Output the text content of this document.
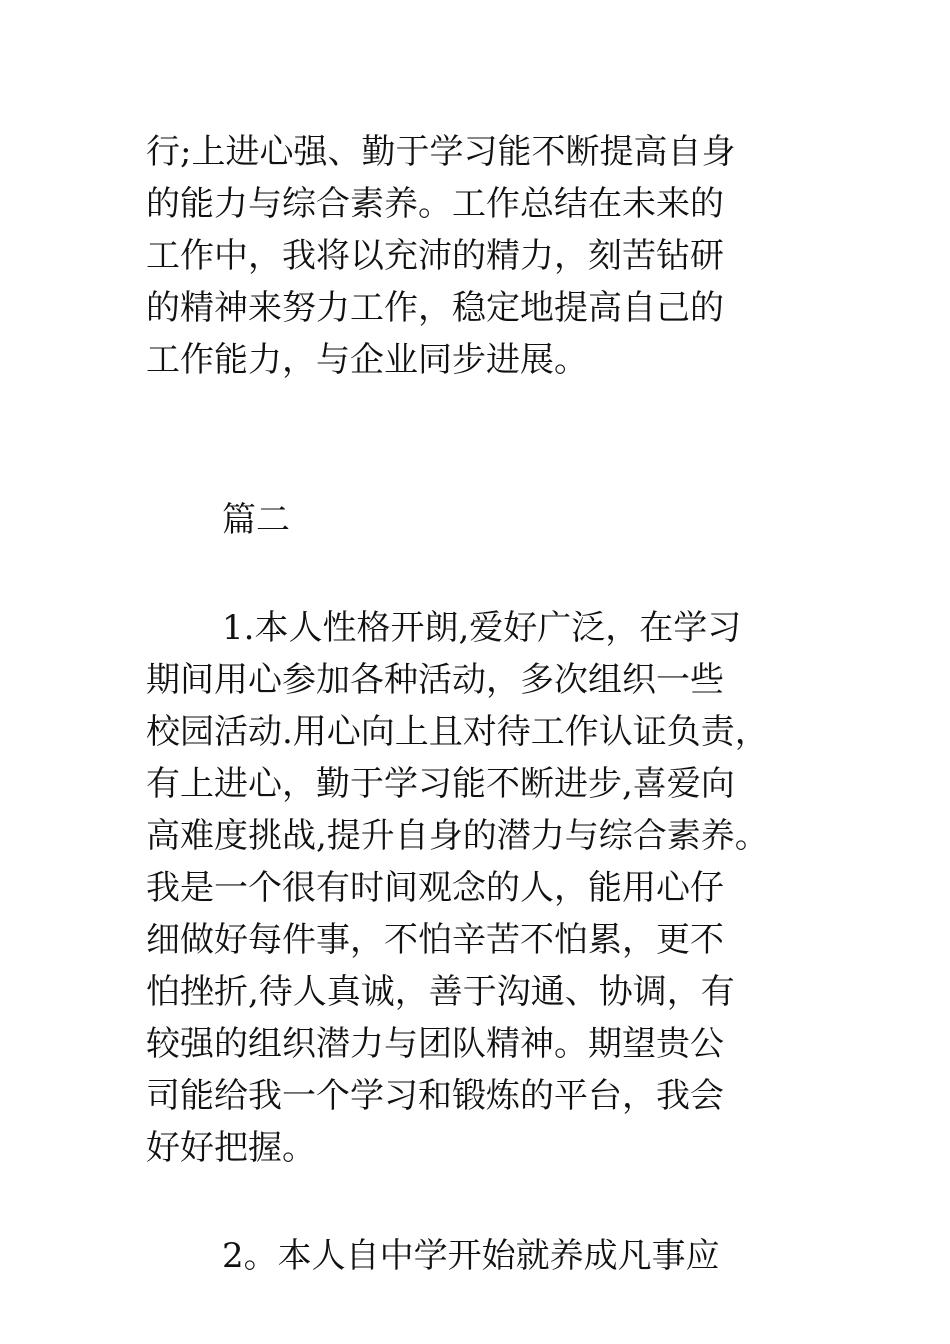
行;上进心强、勤于学习能不断提高自身
的能力与综合素养。工作总结在未来的
工作中，我将以充沛的精力，刻苦钻研
的精神来努力工作，稳定地提高自己的
工作能力，与企业同步进展。
篇二
1.本人性格开朗,爱好广泛，在学习
期间用心参加各种活动，多次组织一些
校园活动.用心向上且对待工作认证负责，
有上进心，勤于学习能不断进步,喜爱向
高难度挑战,提升自身的潜力与综合素养。
我是一个很有时间观念的人，能用心仔
细做好每件事，不怕辛苦不怕累，更不
怕挫折,待人真诚，善于沟通、协调，有
较强的组织潜力与团队精神。期望贵公
司能给我一个学习和锻炼的平台，我会
好好把握。
2。本人自中学开始就养成凡事应
